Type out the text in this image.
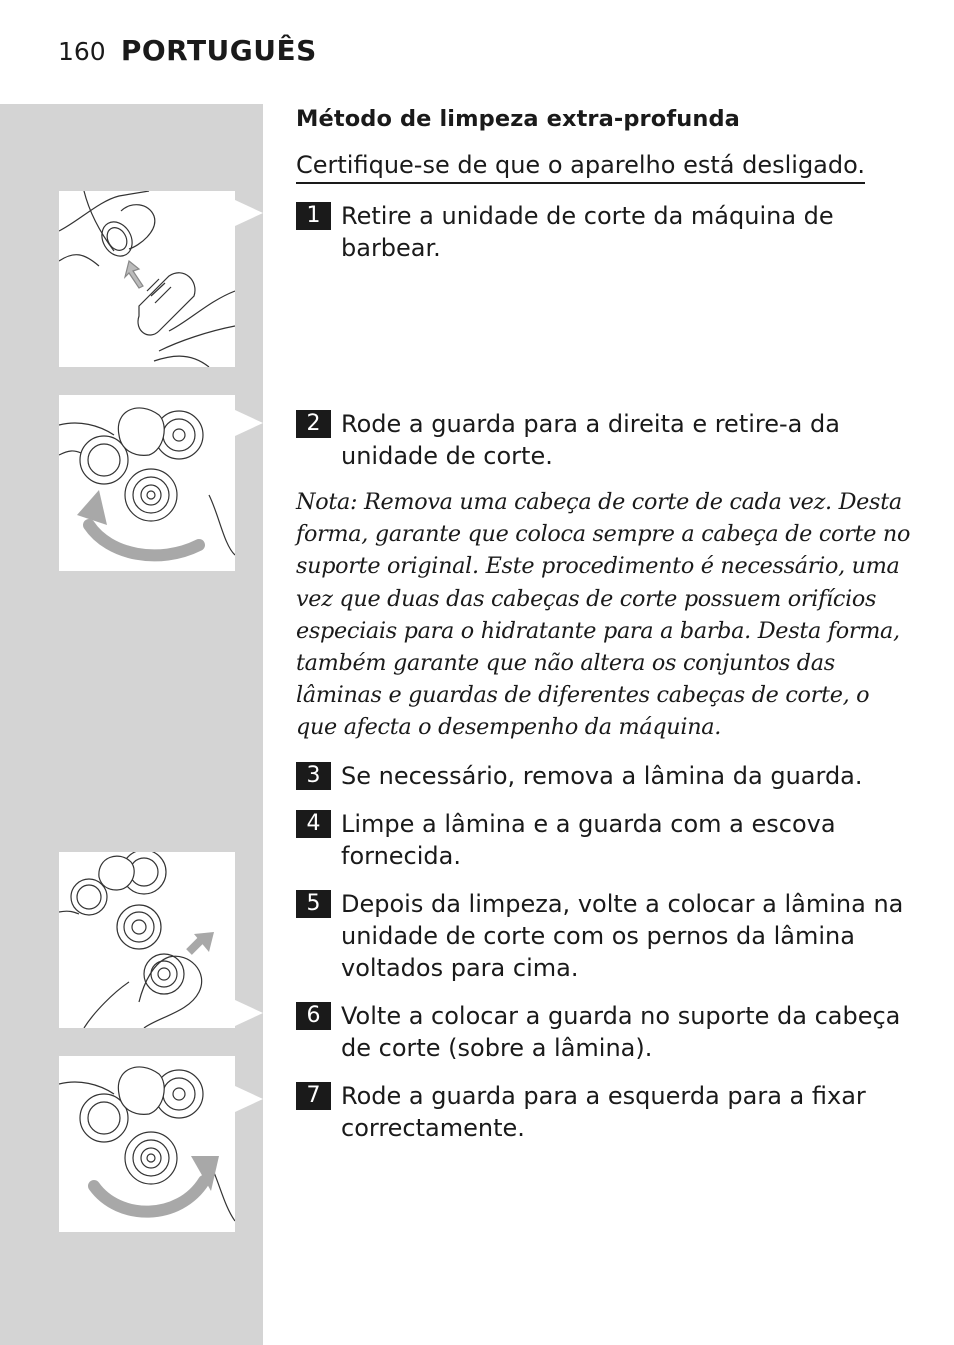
160 PORTUGUÊS
Método de limpeza extra-profunda
Certifique-se de que o aparelho está desligado.
1 Retire a unidade de corte da máquina de barbear.
2 Rode a guarda para a direita e retire-a da unidade de corte.
Nota: Remova uma cabeça de corte de cada vez. Desta forma, garante que coloca sempre a cabeça de corte no suporte original. Este procedimento é necessário, uma vez que duas das cabeças de corte possuem orifícios especiais para o hidratante para a barba. Desta forma, também garante que não altera os conjuntos das lâminas e guardas de diferentes cabeças de corte, o que afecta o desempenho da máquina.
3 Se necessário, remova a lâmina da guarda.
4 Limpe a lâmina e a guarda com a escova fornecida.
5 Depois da limpeza, volte a colocar a lâmina na unidade de corte com os pernos da lâmina voltados para cima.
6 Volte a colocar a guarda no suporte da cabeça de corte (sobre a lâmina).
7 Rode a guarda para a esquerda para a fixar correctamente.
